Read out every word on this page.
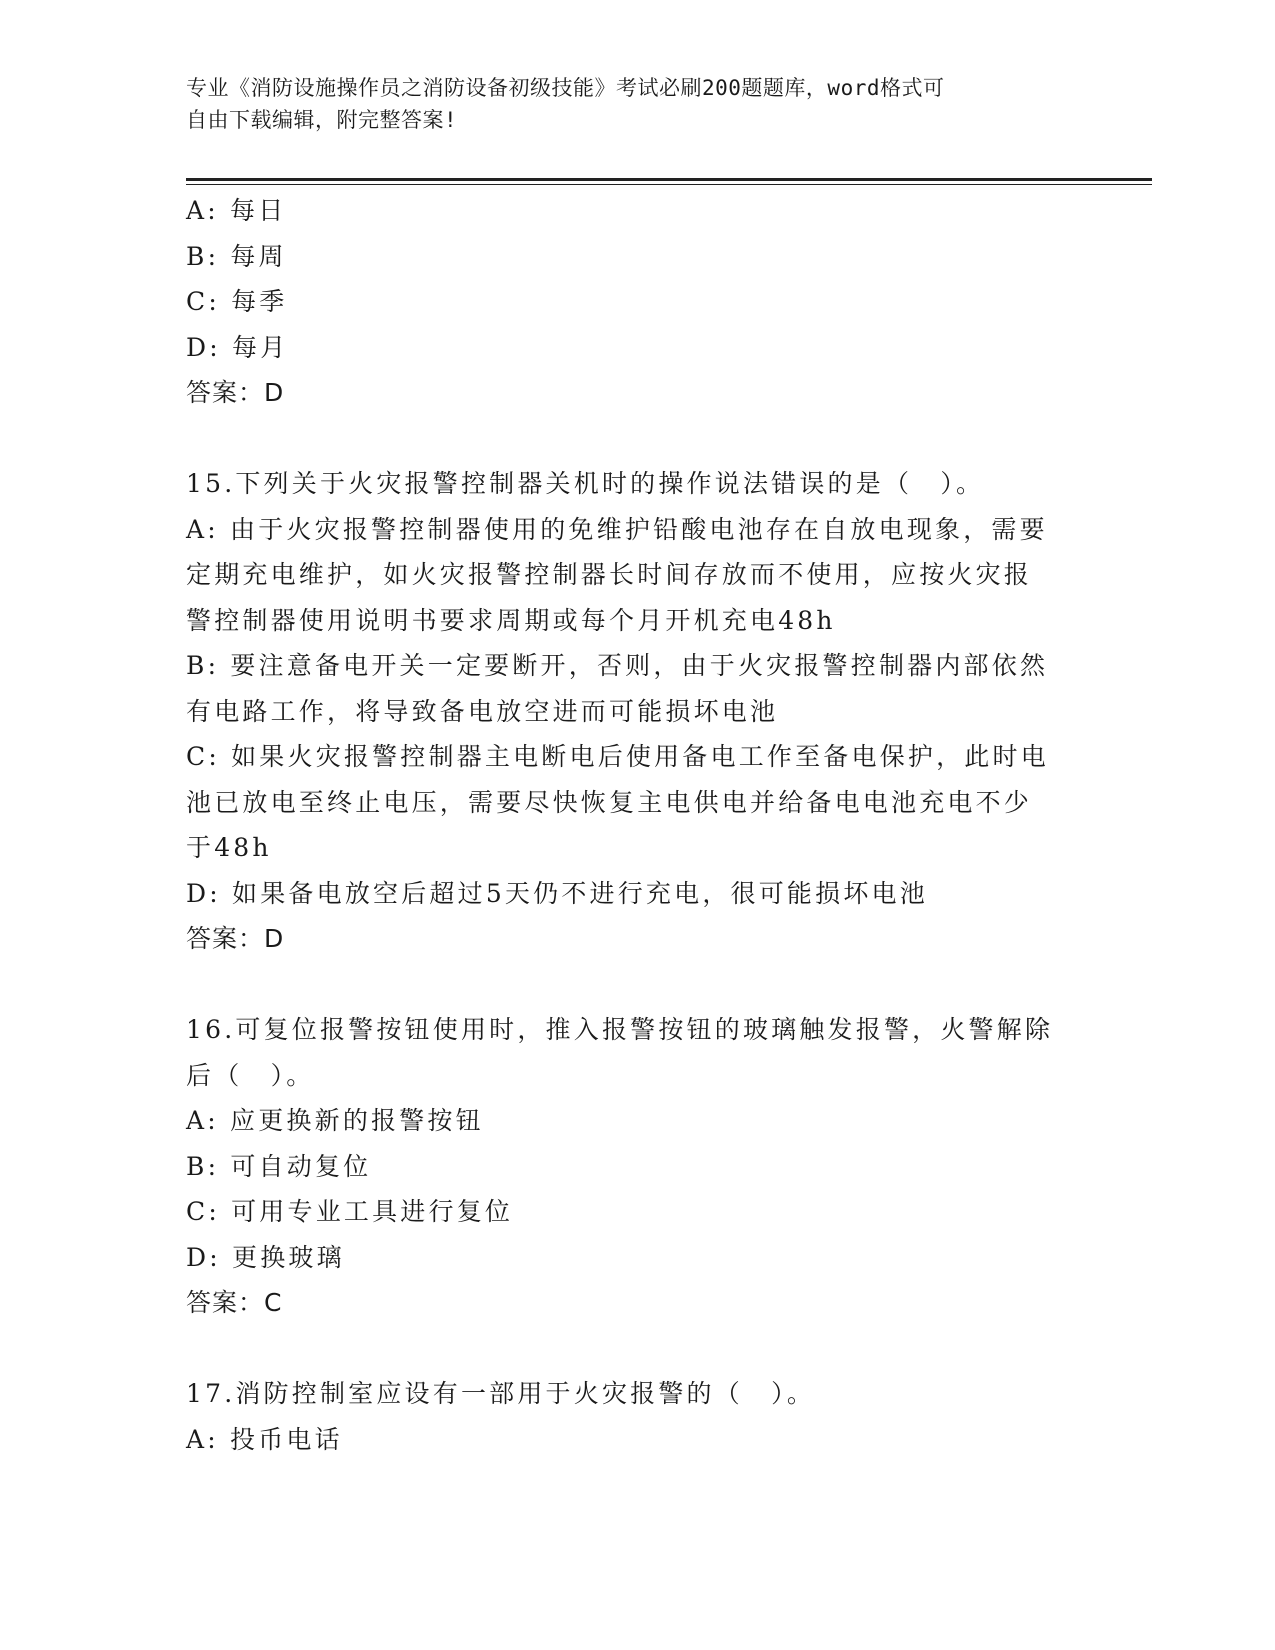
专业《消防设施操作员之消防设备初级技能》考试必刷200题题库，word格式可
自由下载编辑，附完整答案!
A: 每日
B: 每周
C: 每季
D: 每月
答案：D
15.下列关于火灾报警控制器关机时的操作说法错误的是（　）。
A: 由于火灾报警控制器使用的免维护铅酸电池存在自放电现象，需要
定期充电维护，如火灾报警控制器长时间存放而不使用，应按火灾报
警控制器使用说明书要求周期或每个月开机充电48h
B: 要注意备电开关一定要断开，否则，由于火灾报警控制器内部依然
有电路工作，将导致备电放空进而可能损坏电池
C: 如果火灾报警控制器主电断电后使用备电工作至备电保护，此时电
池已放电至终止电压，需要尽快恢复主电供电并给备电电池充电不少
于48h
D: 如果备电放空后超过5天仍不进行充电，很可能损坏电池
答案：D
16.可复位报警按钮使用时，推入报警按钮的玻璃触发报警，火警解除
后（　）。
A: 应更换新的报警按钮
B: 可自动复位
C: 可用专业工具进行复位
D: 更换玻璃
答案：C
17.消防控制室应设有一部用于火灾报警的（　）。
A: 投币电话
